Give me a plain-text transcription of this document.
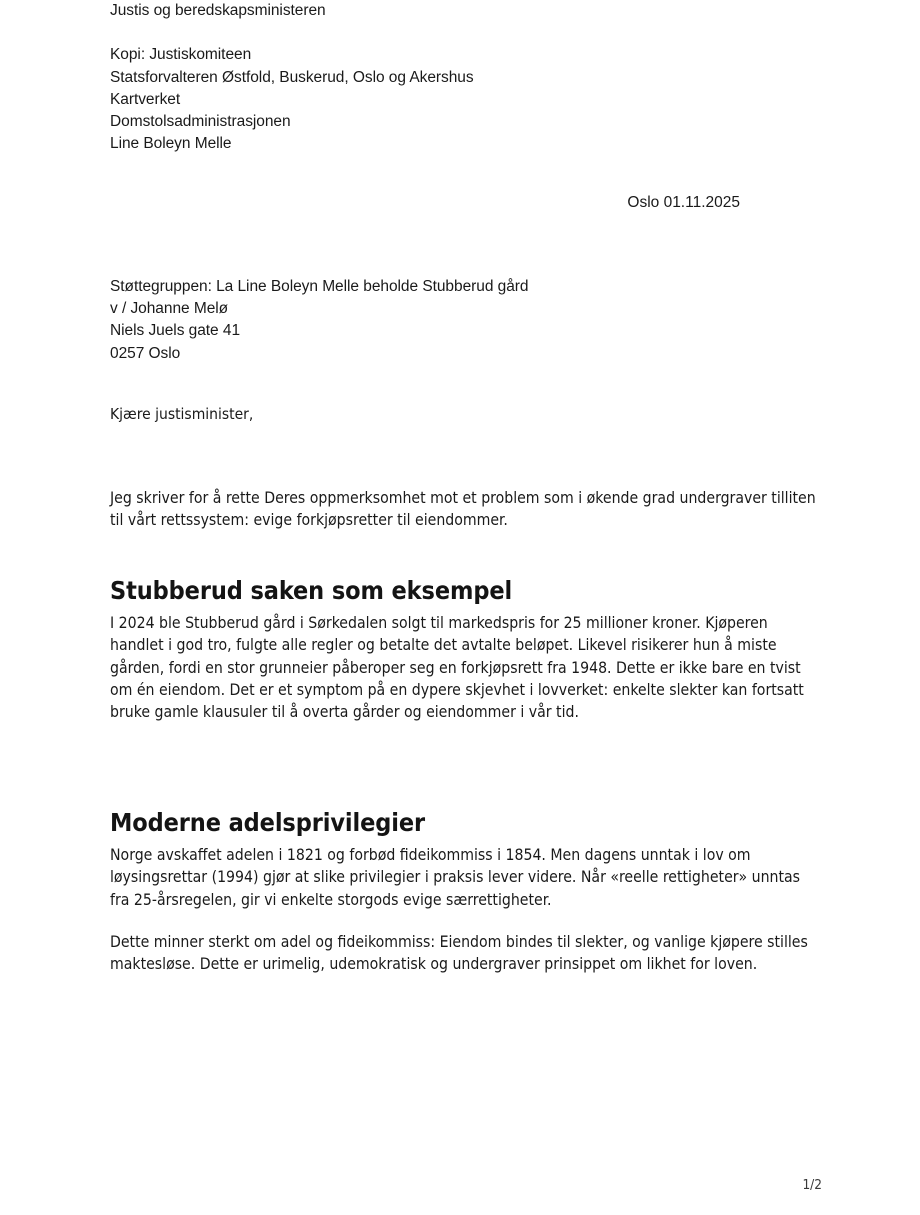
Justis og beredskapsministeren
Kopi: Justiskomiteen
Statsforvalteren Østfold, Buskerud, Oslo og Akershus
Kartverket
Domstolsadministrasjonen
Line Boleyn Melle
Oslo 01.11.2025
Støttegruppen: La Line Boleyn Melle beholde Stubberud gård
v / Johanne Melø
Niels Juels gate 41
0257 Oslo
Kjære justisminister,

Jeg skriver for å rette Deres oppmerksomhet mot et problem som i økende grad undergraver tilliten til vårt rettssystem: evige forkjøpsretter til eiendommer.

Stubberud saken som eksempel

I 2024 ble Stubberud gård i Sørkedalen solgt til markedspris for 25 millioner kroner. Kjøperen handlet i god tro, fulgte alle regler og betalte det avtalte beløpet. Likevel risikerer hun å miste gården, fordi en stor grunneier påberoper seg en forkjøpsrett fra 1948. Dette er ikke bare en tvist om én eiendom. Det er et symptom på en dypere skjevhet i lovverket: enkelte slekter kan fortsatt bruke gamle klausuler til å overta gårder og eiendommer i vår tid.

Moderne adelsprivilegier

Norge avskaffet adelen i 1821 og forbød fideikommiss i 1854. Men dagens unntak i lov om løysingsrettar (1994) gjør at slike privilegier i praksis lever videre. Når «reelle rettigheter» unntas fra 25-årsregelen, gir vi enkelte storgods evige særrettigheter.

Dette minner sterkt om adel og fideikommiss: Eiendom bindes til slekter, og vanlige kjøpere stilles maktesløse. Dette er urimelig, udemokratisk og undergraver prinsippet om likhet for loven.

1/2
